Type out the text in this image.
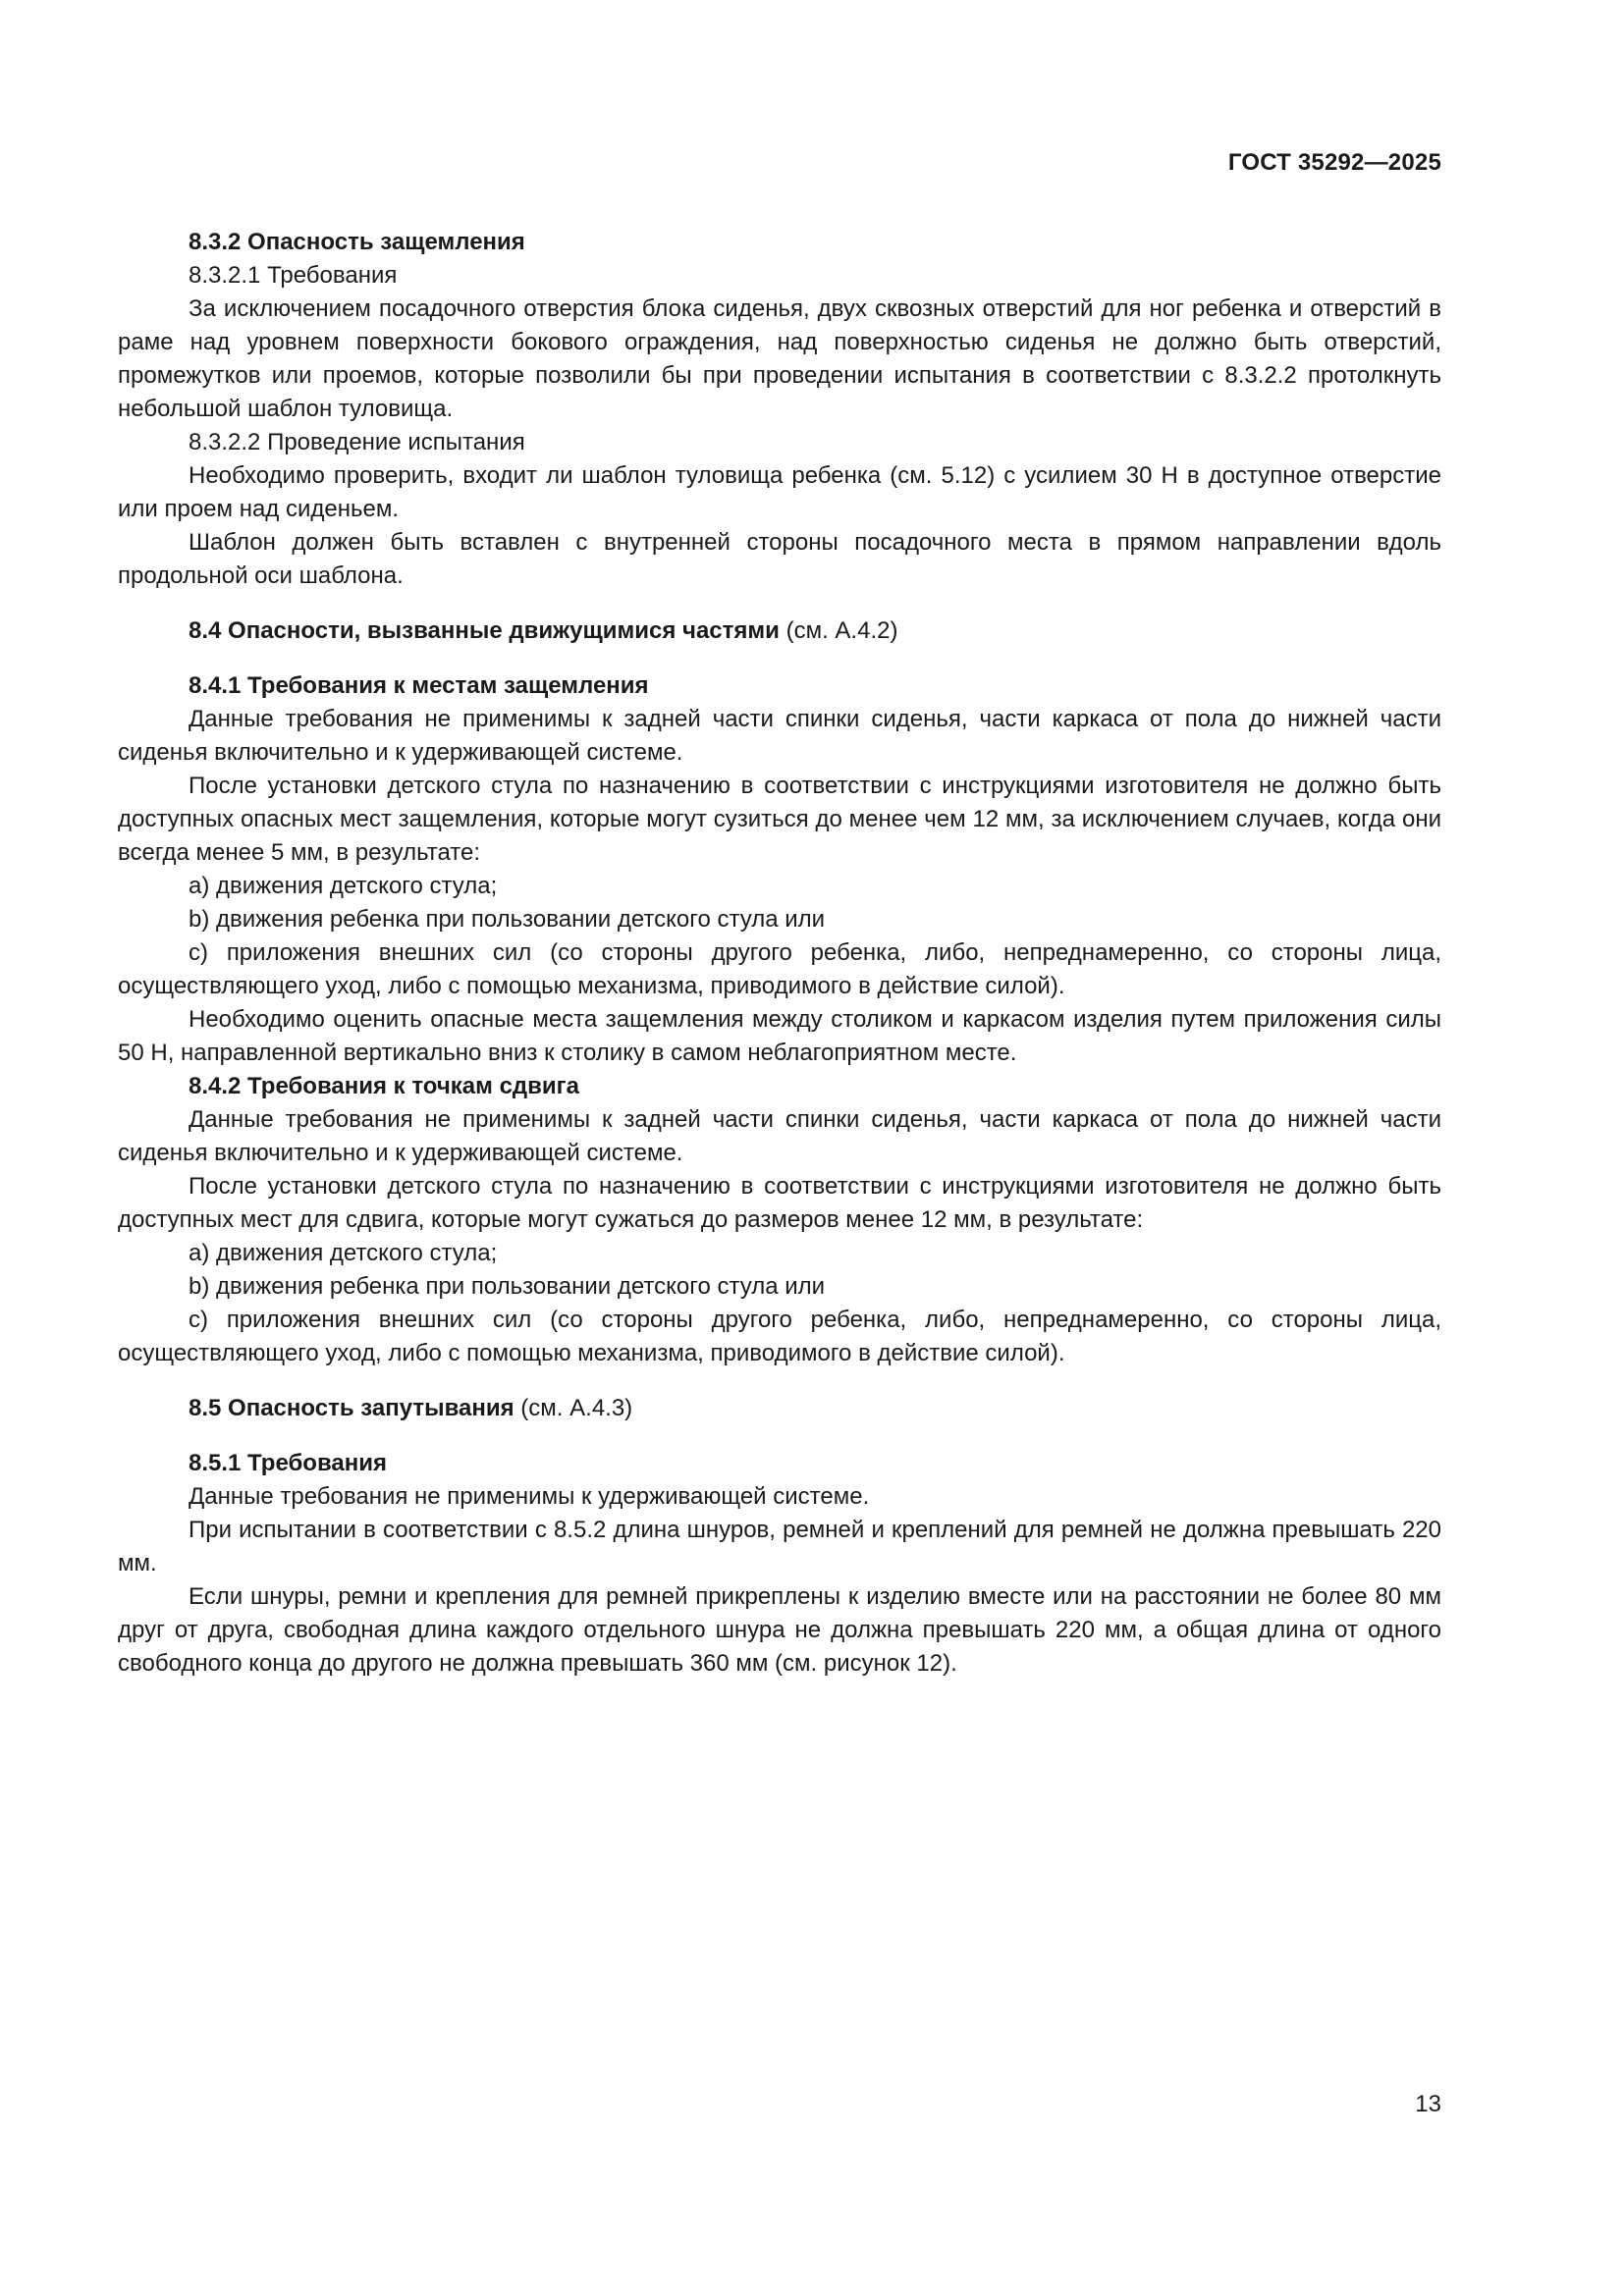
ГОСТ 35292—2025

8.3.2 Опасность защемления

8.3.2.1 Требования

За исключением посадочного отверстия блока сиденья, двух сквозных отверстий для ног ребенка и отверстий в раме над уровнем поверхности бокового ограждения, над поверхностью сиденья не должно быть отверстий, промежутков или проемов, которые позволили бы при проведении испытания в соответствии с 8.3.2.2 протолкнуть небольшой шаблон туловища.

8.3.2.2 Проведение испытания

Необходимо проверить, входит ли шаблон туловища ребенка (см. 5.12) с усилием 30 Н в доступное отверстие или проем над сиденьем.

Шаблон должен быть вставлен с внутренней стороны посадочного места в прямом направлении вдоль продольной оси шаблона.

8.4 Опасности, вызванные движущимися частями (см. А.4.2)

8.4.1 Требования к местам защемления

Данные требования не применимы к задней части спинки сиденья, части каркаса от пола до нижней части сиденья включительно и к удерживающей системе.

После установки детского стула по назначению в соответствии с инструкциями изготовителя не должно быть доступных опасных мест защемления, которые могут сузиться до менее чем 12 мм, за исключением случаев, когда они всегда менее 5 мм, в результате:

a) движения детского стула;

b) движения ребенка при пользовании детского стула или

c) приложения внешних сил (со стороны другого ребенка, либо, непреднамеренно, со стороны лица, осуществляющего уход, либо с помощью механизма, приводимого в действие силой).

Необходимо оценить опасные места защемления между столиком и каркасом изделия путем приложения силы 50 Н, направленной вертикально вниз к столику в самом неблагоприятном месте.

8.4.2 Требования к точкам сдвига

Данные требования не применимы к задней части спинки сиденья, части каркаса от пола до нижней части сиденья включительно и к удерживающей системе.

После установки детского стула по назначению в соответствии с инструкциями изготовителя не должно быть доступных мест для сдвига, которые могут сужаться до размеров менее 12 мм, в результате:

a) движения детского стула;

b) движения ребенка при пользовании детского стула или

c) приложения внешних сил (со стороны другого ребенка, либо, непреднамеренно, со стороны лица, осуществляющего уход, либо с помощью механизма, приводимого в действие силой).

8.5 Опасность запутывания (см. А.4.3)

8.5.1 Требования

Данные требования не применимы к удерживающей системе.

При испытании в соответствии с 8.5.2 длина шнуров, ремней и креплений для ремней не должна превышать 220 мм.

Если шнуры, ремни и крепления для ремней прикреплены к изделию вместе или на расстоянии не более 80 мм друг от друга, свободная длина каждого отдельного шнура не должна превышать 220 мм, а общая длина от одного свободного конца до другого не должна превышать 360 мм (см. рисунок 12).

13
